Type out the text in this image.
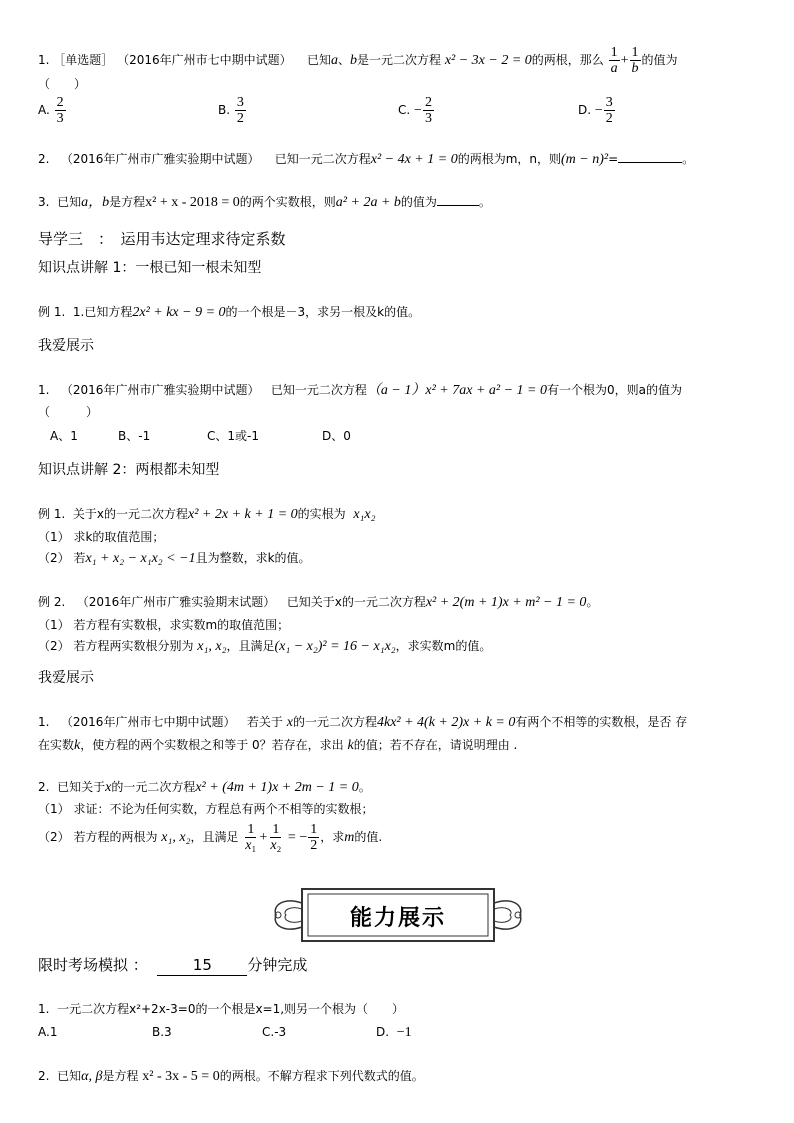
1. ［单选题］ （2016年广州市七中期中试题） 已知a、b是一元二次方程 x² − 3x − 2 = 0的两根，那么 $\frac{1}{a} + \frac{1}{b}$ 的值为
（　　）
A. $\frac{2}{3}$	B. $\frac{3}{2}$	C. − $\frac{2}{3}$	D. − $\frac{3}{2}$
2. （2016年广州市广雅实验期中试题） 已知一元二次方程x² − 4x + 1 = 0的两根为m，n，则(m − n)²=	。
3. 已知a，b是方程x² + x - 2018 = 0的两个实数根，则a² + 2a + b的值为	。
导学三　：　运用韦达定理求待定系数
知识点讲解 1：一根已知一根未知型
例 1. 1.已知方程2x² + kx − 9 = 0的一个根是－3，求另一根及k的值。
我爱展示
1. （2016年广州市广雅实验期中试题） 已知一元二次方程（a − 1）x² + 7ax + a² − 1 = 0有一个根为0，则a的值为
（　　　）
A、1	B、-1	C、1或-1	D、0
知识点讲解 2：两根都未知型
例 1. 关于x的一元二次方程x² + 2x + k + 1 = 0的实根为 x₁x₂
（1） 求k的取值范围；
（2） 若x₁ + x₂ − x₁x₂ < −1且为整数，求k的值。
例 2. （2016年广州市广雅实验期末试题） 已知关于x的一元二次方程x² + 2(m + 1)x + m² − 1 = 0。
（1） 若方程有实数根，求实数m的取值范围；
（2） 若方程两实数根分别为 x₁, x₂，且满足(x₁ − x₂)² = 16 − x₁x₂，求实数m的值。
我爱展示
1. （2016年广州市七中期中试题） 若关于 x的一元二次方程4kx² + 4(k + 2)x + k = 0有两个不相等的实数根，是否 存
在实数k，使方程的两个实数根之和等于 0？若存在，求出 k的值；若不存在，请说明理由 .
2. 已知关于x的一元二次方程x² + (4m + 1)x + 2m − 1 = 0。
（1） 求证：不论为任何实数，方程总有两个不相等的实数根；
（2） 若方程的两根为 x₁, x₂，且满足 $\frac{1}{\text{x₁}} + \frac{1}{\text{x₂}}$ = − $\frac{1}{2}$ ，求m的值.
能力展示
限时考场模拟 ：	15 分钟完成
1. 一元二次方程x²+2x-3=0的一个根是x=1,则另一个根为（　　）
A.1	B.3	C.-3	D. −1
2. 已知α, β是方程 x² - 3x - 5 = 0的两根。不解方程求下列代数式的值。
